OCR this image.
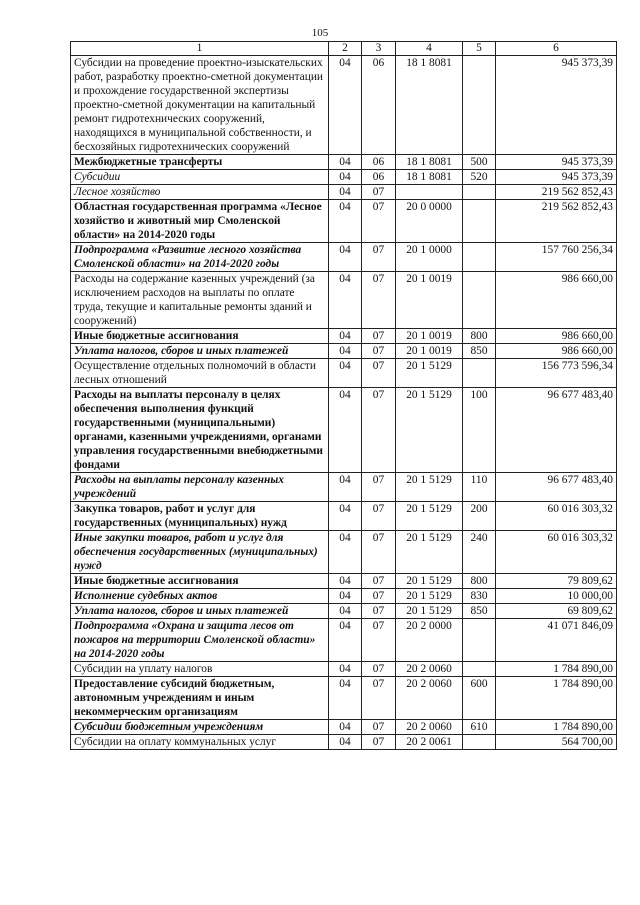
105
1	2	3	4	5	6
Субсидии на проведение проектно-изыскательских работ, разработку проектно-сметной документации и прохождение государственной экспертизы проектно-сметной документации на капитальный ремонт гидротехнических сооружений, находящихся в муниципальной собственности, и бесхозяйных гидротехнических сооружений	04	06	18 1 8081		945 373,39
Межбюджетные трансферты	04	06	18 1 8081	500	945 373,39
Субсидии	04	06	18 1 8081	520	945 373,39
Лесное хозяйство	04	07			219 562 852,43
Областная государственная программа «Лесное хозяйство и животный мир Смоленской области» на 2014-2020 годы	04	07	20 0 0000		219 562 852,43
Подпрограмма «Развитие лесного хозяйства Смоленской области» на 2014-2020 годы	04	07	20 1 0000		157 760 256,34
Расходы на содержание казенных учреждений (за исключением расходов на выплаты по оплате труда, текущие и капитальные ремонты зданий и сооружений)	04	07	20 1 0019		986 660,00
Иные бюджетные ассигнования	04	07	20 1 0019	800	986 660,00
Уплата налогов, сборов и иных платежей	04	07	20 1 0019	850	986 660,00
Осуществление отдельных полномочий в области лесных отношений	04	07	20 1 5129		156 773 596,34
Расходы на выплаты персоналу в целях обеспечения выполнения функций государственными (муниципальными) органами, казенными учреждениями, органами управления государственными внебюджетными фондами	04	07	20 1 5129	100	96 677 483,40
Расходы на выплаты персоналу казенных учреждений	04	07	20 1 5129	110	96 677 483,40
Закупка товаров, работ и услуг для государственных (муниципальных) нужд	04	07	20 1 5129	200	60 016 303,32
Иные закупки товаров, работ и услуг для обеспечения государственных (муниципальных) нужд	04	07	20 1 5129	240	60 016 303,32
Иные бюджетные ассигнования	04	07	20 1 5129	800	79 809,62
Исполнение судебных актов	04	07	20 1 5129	830	10 000,00
Уплата налогов, сборов и иных платежей	04	07	20 1 5129	850	69 809,62
Подпрограмма «Охрана и защита лесов от пожаров на территории Смоленской области» на 2014-2020 годы	04	07	20 2 0000		41 071 846,09
Субсидии на уплату налогов	04	07	20 2 0060		1 784 890,00
Предоставление субсидий бюджетным, автономным учреждениям и иным некоммерческим организациям	04	07	20 2 0060	600	1 784 890,00
Субсидии бюджетным учреждениям	04	07	20 2 0060	610	1 784 890,00
Субсидии на оплату коммунальных услуг	04	07	20 2 0061		564 700,00
